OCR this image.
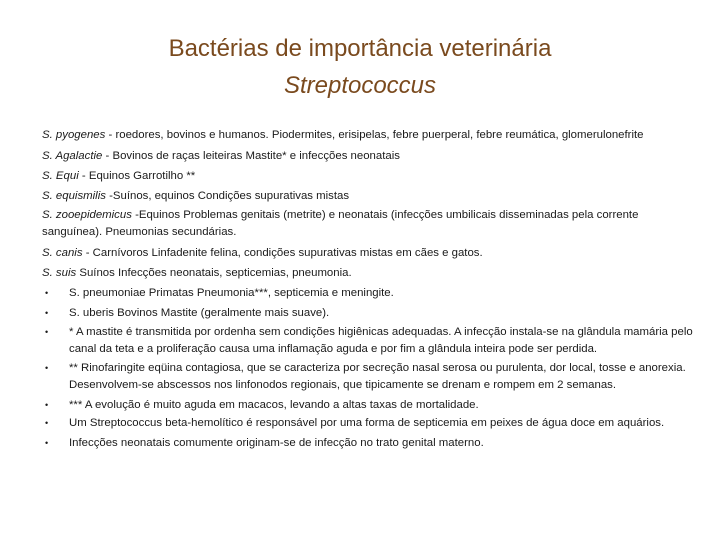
Bactérias de importância veterinária
Streptococcus

S. pyogenes - roedores, bovinos e humanos. Piodermites, erisipelas, febre puerperal, febre reumática, glomerulonefrite

S. Agalactie - Bovinos de raças leiteiras Mastite* e infecções neonatais

S. Equi - Equinos Garrotilho **

S. equismilis -Suínos, equinos Condições supurativas mistas

S. zooepidemicus -Equinos Problemas genitais (metrite) e neonatais (infecções umbilicais disseminadas pela corrente sanguínea). Pneumonias secundárias.

S. canis - Carnívoros Linfadenite felina, condições supurativas mistas em cães e gatos.

S. suis Suínos Infecções neonatais, septicemias, pneumonia.

• S. pneumoniae Primatas Pneumonia***, septicemia e meningite.
• S. uberis Bovinos Mastite (geralmente mais suave).
• * A mastite é transmitida por ordenha sem condições higiênicas adequadas. A infecção instala-se na glândula mamária pelo canal da teta e a proliferação causa uma inflamação aguda e por fim a glândula inteira pode ser perdida.
• ** Rinofaringite eqüina contagiosa, que se caracteriza por secreção nasal serosa ou purulenta, dor local, tosse e anorexia. Desenvolvem-se abscessos nos linfonodos regionais, que tipicamente se drenam e rompem em 2 semanas.
• *** A evolução é muito aguda em macacos, levando a altas taxas de mortalidade.
• Um Streptococcus beta-hemolítico é responsável por uma forma de septicemia em peixes de água doce em aquários.
• Infecções neonatais comumente originam-se de infecção no trato genital materno.
